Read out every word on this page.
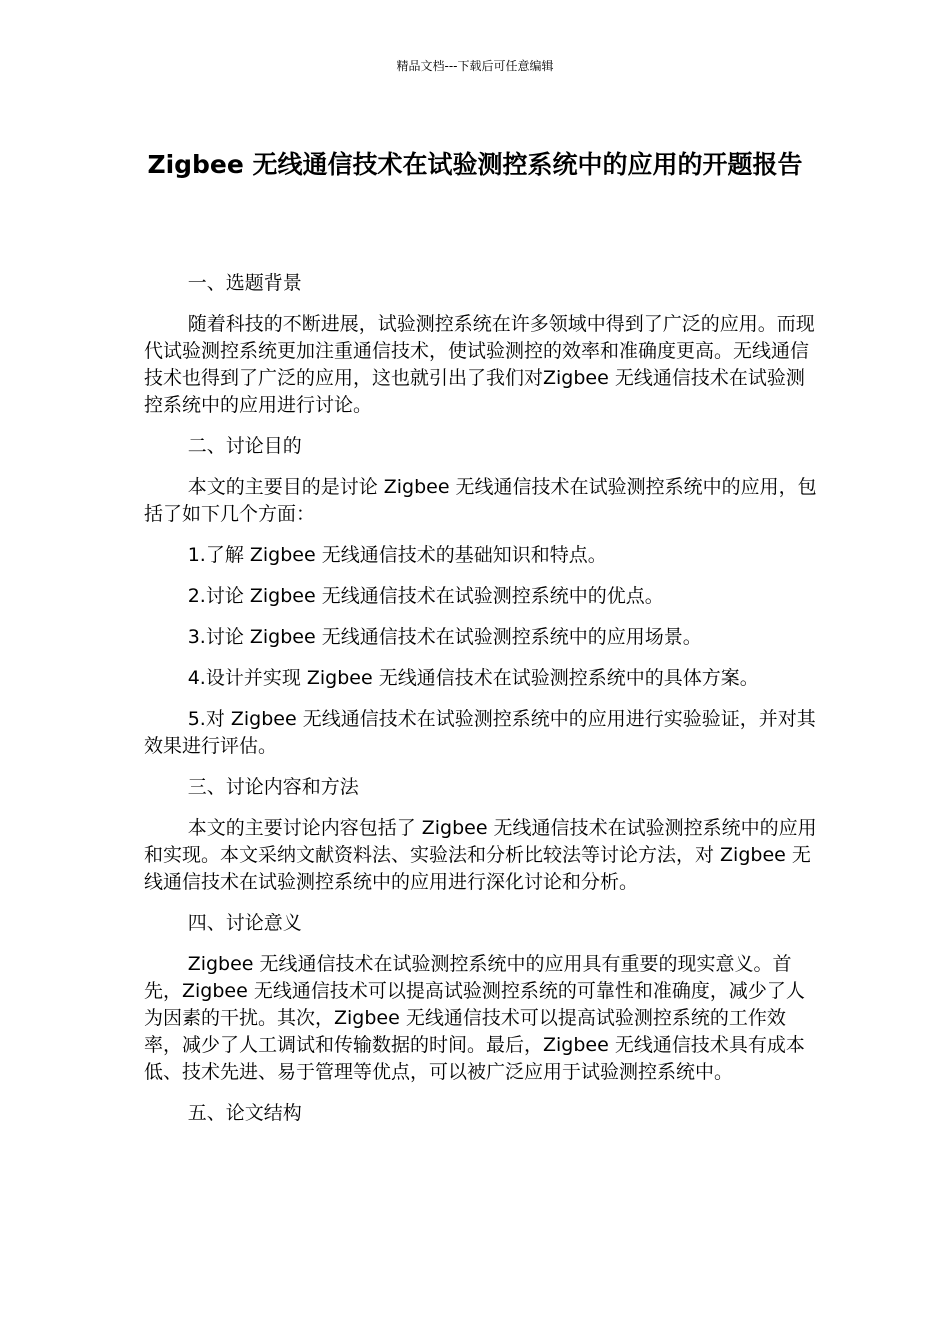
精品文档---下载后可任意编辑
Zigbee 无线通信技术在试验测控系统中的应用的开题报告

一、选题背景

随着科技的不断进展，试验测控系统在许多领域中得到了广泛的应用。而现代试验测控系统更加注重通信技术，使试验测控的效率和准确度更高。无线通信技术也得到了广泛的应用，这也就引出了我们对Zigbee 无线通信技术在试验测控系统中的应用进行讨论。

二、讨论目的

本文的主要目的是讨论 Zigbee 无线通信技术在试验测控系统中的应用，包括了如下几个方面：

1.了解 Zigbee 无线通信技术的基础知识和特点。

2.讨论 Zigbee 无线通信技术在试验测控系统中的优点。

3.讨论 Zigbee 无线通信技术在试验测控系统中的应用场景。

4.设计并实现 Zigbee 无线通信技术在试验测控系统中的具体方案。

5.对 Zigbee 无线通信技术在试验测控系统中的应用进行实验验证，并对其效果进行评估。

三、讨论内容和方法

本文的主要讨论内容包括了 Zigbee 无线通信技术在试验测控系统中的应用和实现。本文采纳文献资料法、实验法和分析比较法等讨论方法，对 Zigbee 无线通信技术在试验测控系统中的应用进行深化讨论和分析。

四、讨论意义

Zigbee 无线通信技术在试验测控系统中的应用具有重要的现实意义。首先，Zigbee 无线通信技术可以提高试验测控系统的可靠性和准确度，减少了人为因素的干扰。其次，Zigbee 无线通信技术可以提高试验测控系统的工作效率，减少了人工调试和传输数据的时间。最后，Zigbee 无线通信技术具有成本低、技术先进、易于管理等优点，可以被广泛应用于试验测控系统中。

五、论文结构
